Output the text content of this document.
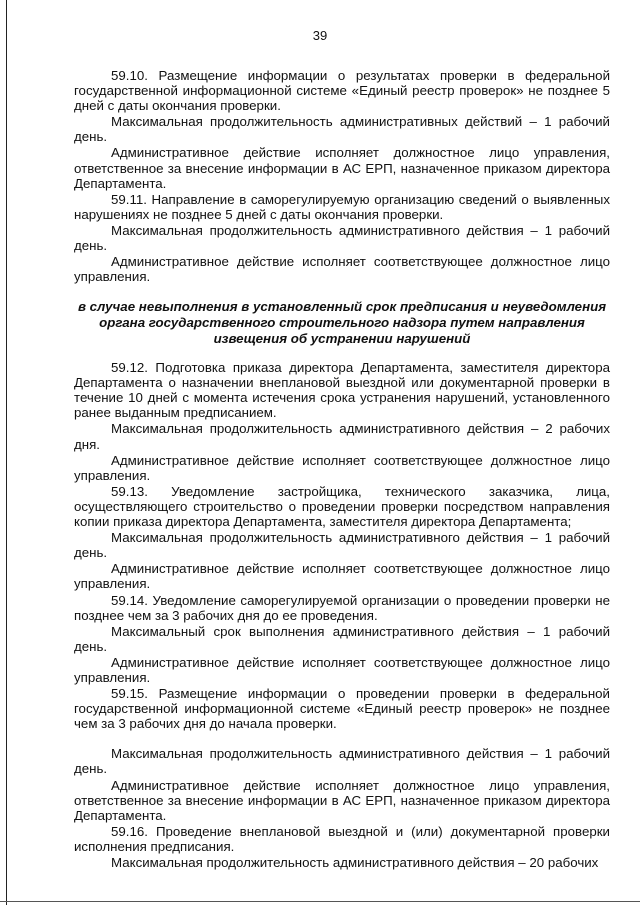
39

59.10. Размещение информации о результатах проверки в федеральной государственной информационной системе «Единый реестр проверок» не позднее 5 дней с даты окончания проверки.

Максимальная продолжительность административных действий – 1 рабочий день.

Административное действие исполняет должностное лицо управления, ответственное за внесение информации в АС ЕРП, назначенное приказом директора Департамента.

59.11. Направление в саморегулируемую организацию сведений о выявленных нарушениях не позднее 5 дней с даты окончания проверки.

Максимальная продолжительность административного действия – 1 рабочий день.

Административное действие исполняет соответствующее должностное лицо управления.

в случае невыполнения в установленный срок предписания и неуведомления органа государственного строительного надзора путем направления извещения об устранении нарушений

59.12. Подготовка приказа директора Департамента, заместителя директора Департамента о назначении внеплановой выездной или документарной проверки в течение 10 дней с момента истечения срока устранения нарушений, установленного ранее выданным предписанием.

Максимальная продолжительность административного действия – 2 рабочих дня.

Административное действие исполняет соответствующее должностное лицо управления.

59.13. Уведомление застройщика, технического заказчика, лица, осуществляющего строительство о проведении проверки посредством направления копии приказа директора Департамента, заместителя директора Департамента;

Максимальная продолжительность административного действия – 1 рабочий день.

Административное действие исполняет соответствующее должностное лицо управления.

59.14. Уведомление саморегулируемой организации о проведении проверки не позднее чем за 3 рабочих дня до ее проведения.

Максимальный срок выполнения административного действия – 1 рабочий день.

Административное действие исполняет соответствующее должностное лицо управления.

59.15. Размещение информации о проведении проверки в федеральной государственной информационной системе «Единый реестр проверок» не позднее чем за 3 рабочих дня до начала проверки.

Максимальная продолжительность административного действия – 1 рабочий день.

Административное действие исполняет должностное лицо управления, ответственное за внесение информации в АС ЕРП, назначенное приказом директора Департамента.

59.16. Проведение внеплановой выездной и (или) документарной проверки исполнения предписания.

Максимальная продолжительность административного действия – 20 рабочих
